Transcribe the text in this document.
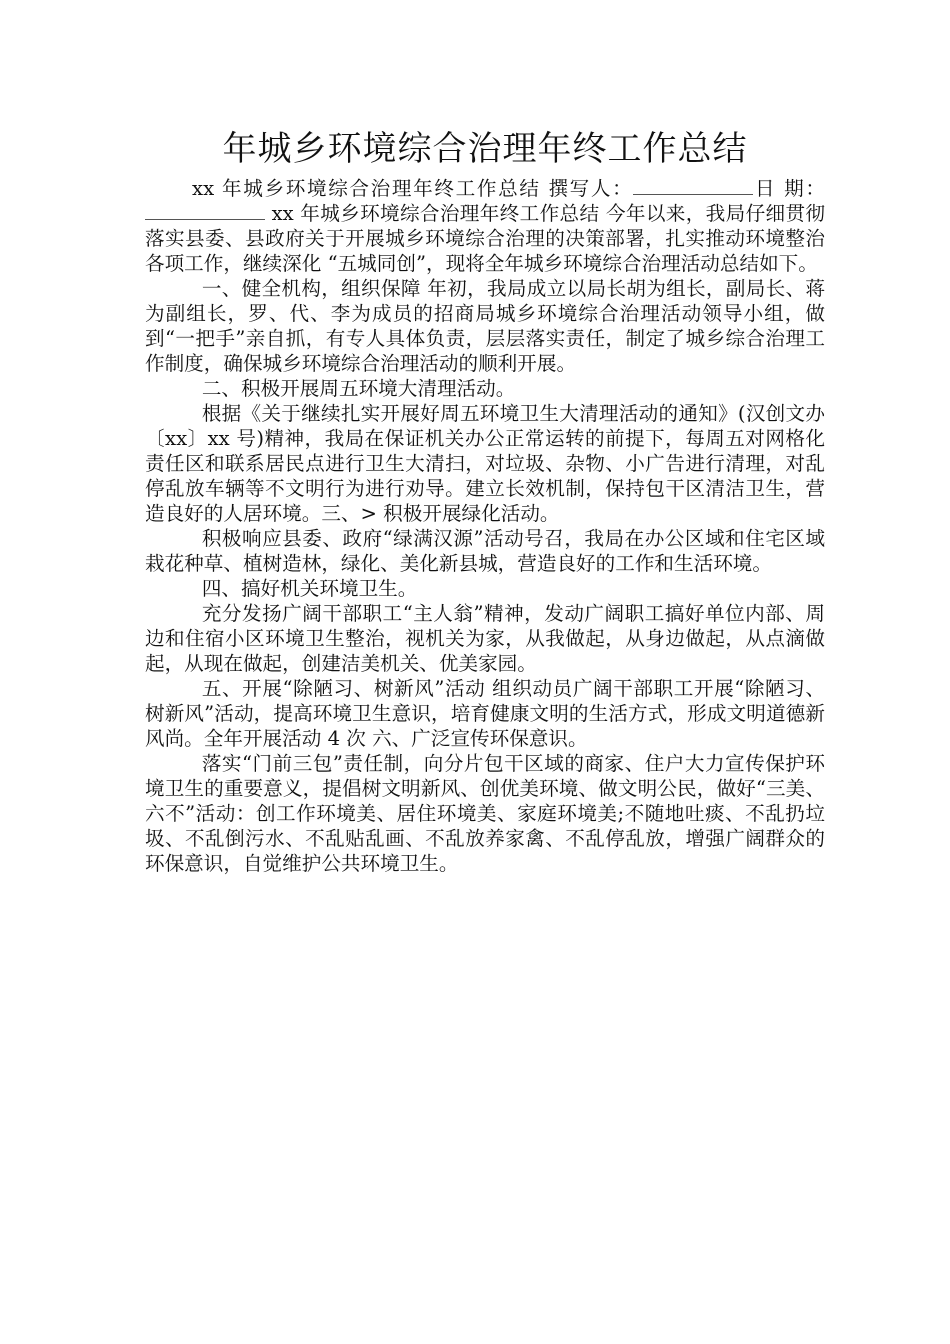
年城乡环境综合治理年终工作总结

xx 年城乡环境综合治理年终工作总结 撰写人：	日 期： xx 年城乡环境综合治理年终工作总结 今年以来，我局仔细贯彻落实县委、县政府关于开展城乡环境综合治理的决策部署，扎实推动环境整治各项工作，继续深化 “五城同创”，现将全年城乡环境综合治理活动总结如下。

一、健全机构，组织保障 年初，我局成立以局长胡为组长，副局长、蒋为副组长，罗、代、李为成员的招商局城乡环境综合治理活动领导小组，做到“一把手”亲自抓，有专人具体负责，层层落实责任，制定了城乡综合治理工作制度，确保城乡环境综合治理活动的顺利开展。

二、积极开展周五环境大清理活动。

根据《关于继续扎实开展好周五环境卫生大清理活动的通知》(汉创文办〔xx〕xx 号)精神，我局在保证机关办公正常运转的前提下，每周五对网格化责任区和联系居民点进行卫生大清扫，对垃圾、杂物、小广告进行清理，对乱停乱放车辆等不文明行为进行劝导。建立长效机制，保持包干区清洁卫生，营造良好的人居环境。三、> 积极开展绿化活动。

积极响应县委、政府“绿满汉源”活动号召，我局在办公区域和住宅区域栽花种草、植树造林，绿化、美化新县城，营造良好的工作和生活环境。

四、搞好机关环境卫生。

充分发扬广阔干部职工“主人翁”精神，发动广阔职工搞好单位内部、周边和住宿小区环境卫生整治，视机关为家，从我做起，从身边做起，从点滴做起，从现在做起，创建洁美机关、优美家园。

五、开展“除陋习、树新风”活动 组织动员广阔干部职工开展“除陋习、树新风”活动，提高环境卫生意识，培育健康文明的生活方式，形成文明道德新风尚。全年开展活动 4 次 六、广泛宣传环保意识。

落实“门前三包”责任制，向分片包干区域的商家、住户大力宣传保护环境卫生的重要意义，提倡树文明新风、创优美环境、做文明公民，做好“三美、六不”活动：创工作环境美、居住环境美、家庭环境美;不随地吐痰、不乱扔垃圾、不乱倒污水、不乱贴乱画、不乱放养家禽、不乱停乱放，增强广阔群众的环保意识，自觉维护公共环境卫生。
